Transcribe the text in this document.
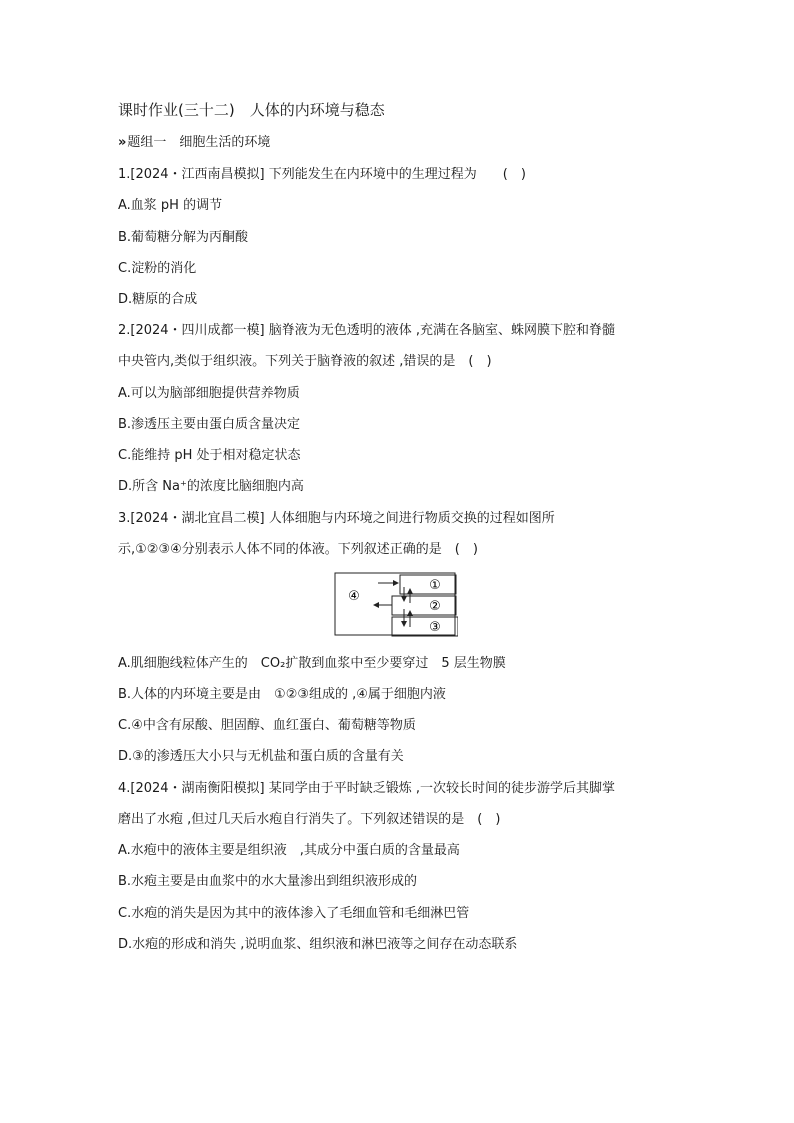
课时作业(三十二)　人体的内环境与稳态
» 题组一　细胞生活的环境
1.[2024・江西南昌模拟] 下列能发生在内环境中的生理过程为　　(　)
A.血浆 pH 的调节
B.葡萄糖分解为丙酮酸
C.淀粉的消化
D.糖原的合成
2.[2024・四川成都一模] 脑脊液为无色透明的液体 ,充满在各脑室、蛛网膜下腔和脊髓
中央管内,类似于组织液。下列关于脑脊液的叙述 ,错误的是　(　)
A.可以为脑部细胞提供营养物质
B.渗透压主要由蛋白质含量决定
C.能维持 pH 处于相对稳定状态
D.所含 Na⁺的浓度比脑细胞内高
3.[2024・湖北宜昌二模] 人体细胞与内环境之间进行物质交换的过程如图所
示,①②③④分别表示人体不同的体液。下列叙述正确的是　(　)
①
②
③
④
A.肌细胞线粒体产生的　CO₂扩散到血浆中至少要穿过　5 层生物膜
B.人体的内环境主要是由　①②③组成的 ,④属于细胞内液
C.④中含有尿酸、胆固醇、血红蛋白、葡萄糖等物质
D.③的渗透压大小只与无机盐和蛋白质的含量有关
4.[2024・湖南衡阳模拟] 某同学由于平时缺乏锻炼 ,一次较长时间的徒步游学后其脚掌
磨出了水疱 ,但过几天后水疱自行消失了。下列叙述错误的是　(　)
A.水疱中的液体主要是组织液　,其成分中蛋白质的含量最高
B.水疱主要是由血浆中的水大量渗出到组织液形成的
C.水疱的消失是因为其中的液体渗入了毛细血管和毛细淋巴管
D.水疱的形成和消失 ,说明血浆、组织液和淋巴液等之间存在动态联系
